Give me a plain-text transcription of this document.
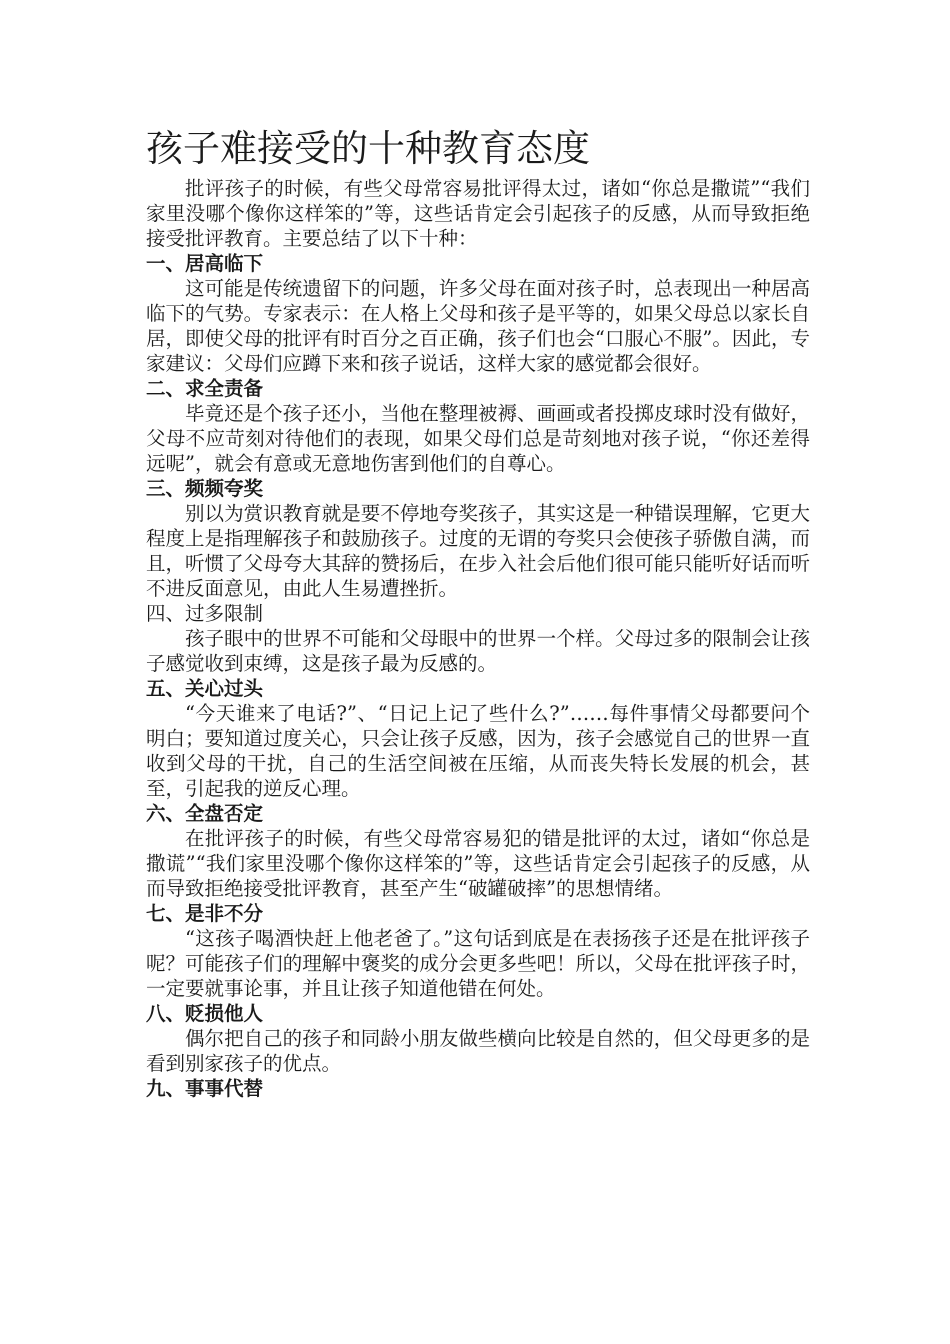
孩子难接受的十种教育态度

批评孩子的时候，有些父母常容易批评得太过，诸如“你总是撒谎”“我们家里没哪个像你这样笨的”等，这些话肯定会引起孩子的反感，从而导致拒绝接受批评教育。主要总结了以下十种：

一、居高临下

这可能是传统遗留下的问题，许多父母在面对孩子时，总表现出一种居高临下的气势。专家表示：在人格上父母和孩子是平等的，如果父母总以家长自居，即使父母的批评有时百分之百正确，孩子们也会“口服心不服”。因此，专家建议：父母们应蹲下来和孩子说话，这样大家的感觉都会很好。

二、求全责备

毕竟还是个孩子还小，当他在整理被褥、画画或者投掷皮球时没有做好，父母不应苛刻对待他们的表现，如果父母们总是苛刻地对孩子说，“你还差得远呢”，就会有意或无意地伤害到他们的自尊心。

三、频频夸奖

别以为赏识教育就是要不停地夸奖孩子，其实这是一种错误理解，它更大程度上是指理解孩子和鼓励孩子。过度的无谓的夸奖只会使孩子骄傲自满，而且，听惯了父母夸大其辞的赞扬后，在步入社会后他们很可能只能听好话而听不进反面意见，由此人生易遭挫折。

四、过多限制

孩子眼中的世界不可能和父母眼中的世界一个样。父母过多的限制会让孩子感觉收到束缚，这是孩子最为反感的。

五、关心过头

“今天谁来了电话?”、“日记上记了些什么?”……每件事情父母都要问个明白；要知道过度关心，只会让孩子反感，因为，孩子会感觉自己的世界一直收到父母的干扰，自己的生活空间被在压缩，从而丧失特长发展的机会，甚至，引起我的逆反心理。

六、全盘否定

在批评孩子的时候，有些父母常容易犯的错是批评的太过，诸如“你总是撒谎”“我们家里没哪个像你这样笨的”等，这些话肯定会引起孩子的反感，从而导致拒绝接受批评教育，甚至产生“破罐破摔”的思想情绪。

七、是非不分

“这孩子喝酒快赶上他老爸了。”这句话到底是在表扬孩子还是在批评孩子呢？可能孩子们的理解中褒奖的成分会更多些吧！所以，父母在批评孩子时，一定要就事论事，并且让孩子知道他错在何处。

八、贬损他人

偶尔把自己的孩子和同龄小朋友做些横向比较是自然的，但父母更多的是看到别家孩子的优点。

九、事事代替
